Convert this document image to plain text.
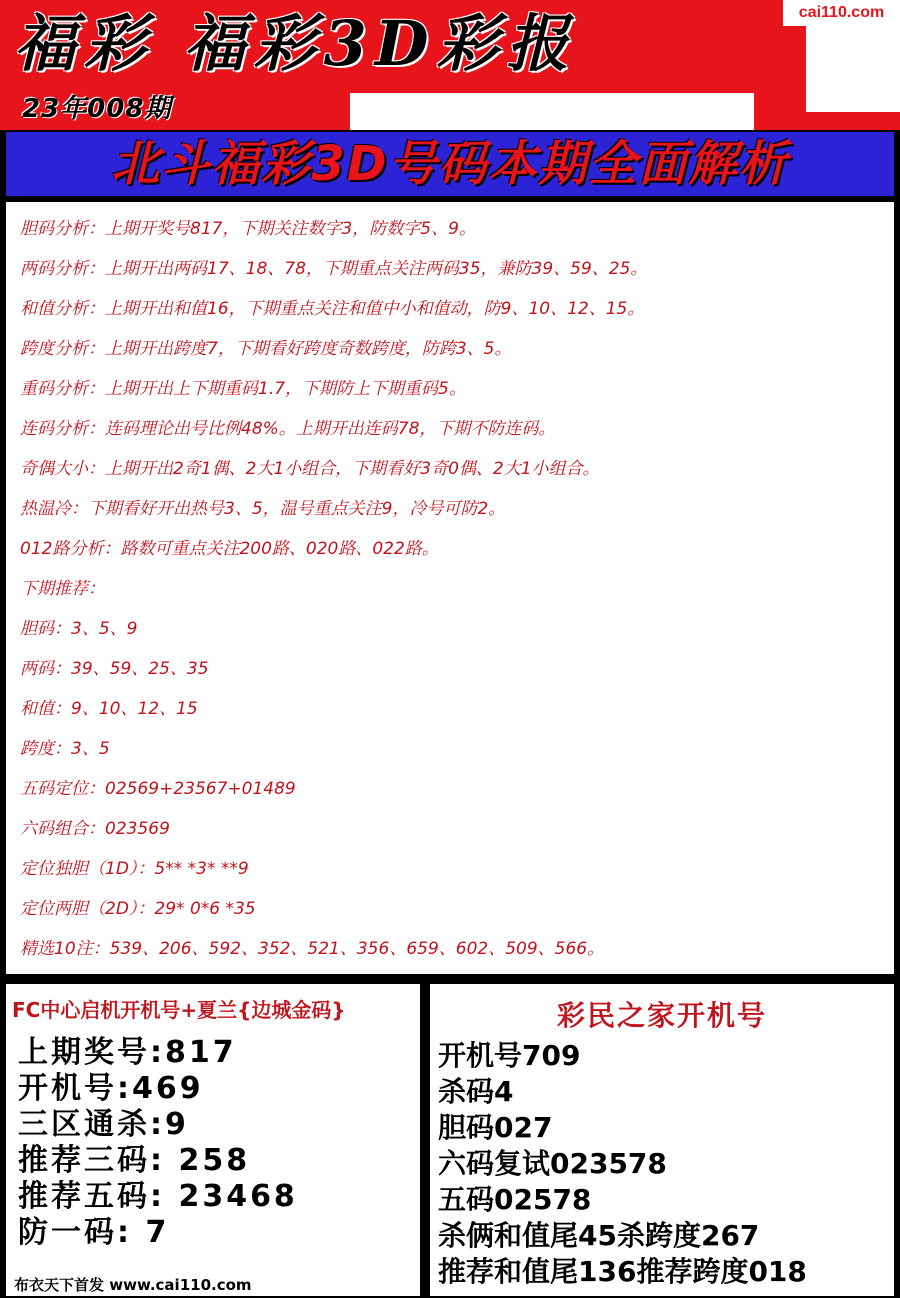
福彩 福彩3D彩报
23年008期
cai110.com
北斗福彩3D号码本期全面解析
胆码分析：上期开奖号817，下期关注数字3，防数字5、9。
两码分析：上期开出两码17、18、78，下期重点关注两码35，兼防39、59、25。
和值分析：上期开出和值16，下期重点关注和值中小和值动，防9、10、12、15。
跨度分析：上期开出跨度7，下期看好跨度奇数跨度，防跨3、5。
重码分析：上期开出上下期重码1.7，下期防上下期重码5。
连码分析：连码理论出号比例48%。上期开出连码78，下期不防连码。
奇偶大小：上期开出2奇1偶、2大1小组合，下期看好3奇0偶、2大1小组合。
热温冷：下期看好开出热号3、5，温号重点关注9，冷号可防2。
012路分析：路数可重点关注200路、020路、022路。
下期推荐：
胆码：3、5、9
两码：39、59、25、35
和值：9、10、12、15
跨度：3、5
五码定位：02569+23567+01489
六码组合：023569
定位独胆（1D）：5** *3* **9
定位两胆（2D）：29* 0*6 *35
精选10注：539、206、592、352、521、356、659、602、509、566。
FC中心启机开机号+夏兰{边城金码}
上期奖号:817
开机号:469
三区通杀:9
推荐三码: 258
推荐五码: 23468
防一码: 7
彩民之家开机号
开机号709
杀码4
胆码027
六码复试023578
五码02578
杀俩和值尾45杀跨度267
推荐和值尾136推荐跨度018
布衣天下首发 www.cai110.com
